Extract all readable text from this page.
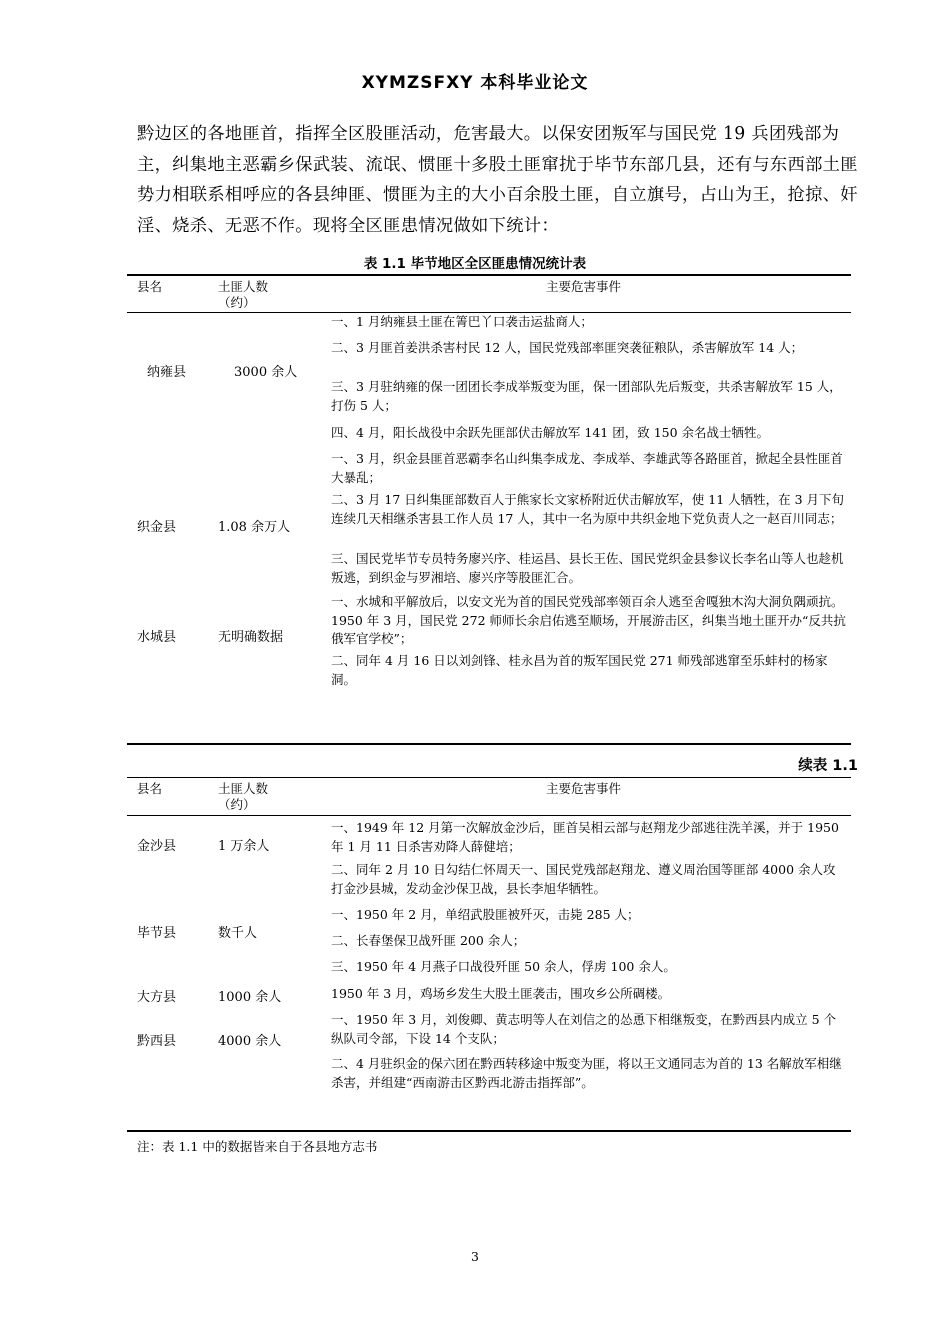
XYMZSFXY 本科毕业论文
黔边区的各地匪首，指挥全区股匪活动，危害最大。以保安团叛军与国民党 19 兵团残部为主，纠集地主恶霸乡保武装、流氓、惯匪十多股土匪窜扰于毕节东部几县，还有与东西部土匪势力相联系相呼应的各县绅匪、惯匪为主的大小百余股土匪，自立旗号，占山为王，抢掠、奸淫、烧杀、无恶不作。现将全区匪患情况做如下统计：
表 1.1 毕节地区全区匪患情况统计表
县名	土匪人数
（约）
主要危害事件
纳雍县	3000 余人
一、1 月纳雍县土匪在箐巴丫口袭击运盐商人；
二、3 月匪首姜洪杀害村民 12 人，国民党残部率匪突袭征粮队，杀害解放军 14 人；
三、3 月驻纳雍的保一团团长李成举叛变为匪，保一团部队先后叛变，共杀害解放军 15 人，打伤 5 人；
四、4 月，阳长战役中余跃先匪部伏击解放军 141 团，致 150 余名战士牺牲。
织金县	1.08 余万人
一、3 月，织金县匪首恶霸李名山纠集李成龙、李成举、李雄武等各路匪首，掀起全县性匪首大暴乱；
二、3 月 17 日纠集匪部数百人于熊家长文家桥附近伏击解放军，使 11 人牺牲，在 3 月下旬连续几天相继杀害县工作人员 17 人，其中一名为原中共织金地下党负责人之一赵百川同志；
三、国民党毕节专员特务廖兴序、桂运昌、县长王佐、国民党织金县参议长李名山等人也趁机叛逃，到织金与罗湘培、廖兴序等股匪汇合。
水城县	无明确数据
一、水城和平解放后，以安文光为首的国民党残部率领百余人逃至舍嘎独木沟大洞负隅顽抗。1950 年 3 月，国民党 272 师师长余启佑逃至顺场，开展游击区，纠集当地土匪开办“反共抗俄军官学校”；
二、同年 4 月 16 日以刘剑锋、桂永昌为首的叛军国民党 271 师残部逃窜至乐蚌村的杨家洞。
续表 1.1
县名	土匪人数
（约）
主要危害事件
金沙县	1 万余人
一、1949 年 12 月第一次解放金沙后，匪首吴相云部与赵翔龙少部逃往洗羊溪，并于 1950 年 1 月 11 日杀害劝降人薛健培；
二、同年 2 月 10 日勾结仁怀周天一、国民党残部赵翔龙、遵义周治国等匪部 4000 余人攻打金沙县城，发动金沙保卫战，县长李旭华牺牲。
毕节县	数千人
一、1950 年 2 月，单绍武股匪被歼灭，击毙 285 人；
二、长春堡保卫战歼匪 200 余人；
三、1950 年 4 月燕子口战役歼匪 50 余人，俘虏 100 余人。
大方县	1000 余人	1950 年 3 月，鸡场乡发生大股土匪袭击，围攻乡公所碉楼。
黔西县	4000 余人
一、1950 年 3 月，刘俊卿、黄志明等人在刘信之的怂恿下相继叛变，在黔西县内成立 5 个纵队司令部，下设 14 个支队；
二、4 月驻织金的保六团在黔西转移途中叛变为匪，将以王文通同志为首的 13 名解放军相继杀害，并组建“西南游击区黔西北游击指挥部”。
注：表 1.1 中的数据皆来自于各县地方志书
3
